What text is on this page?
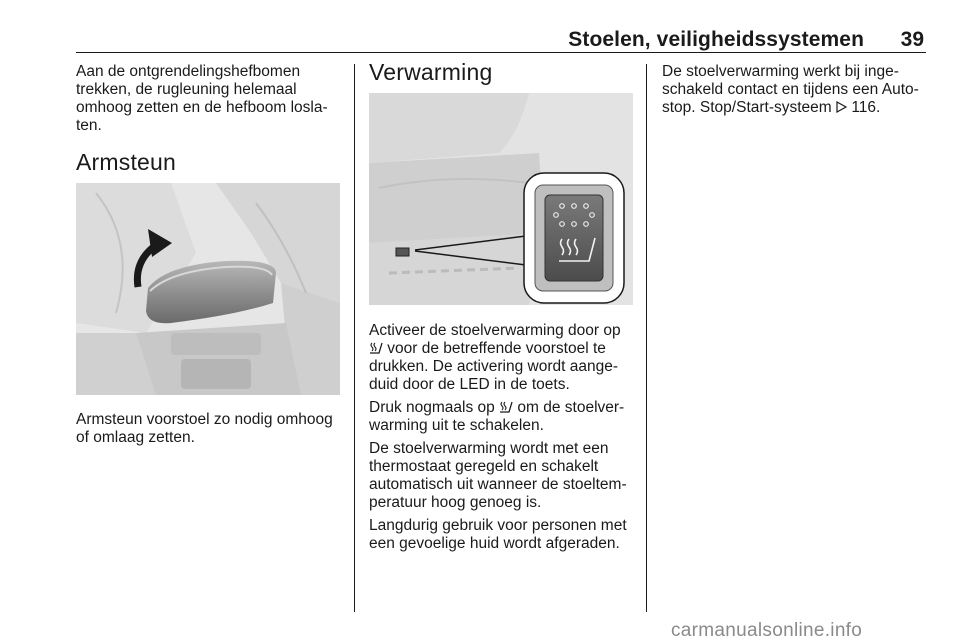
Stoelen, veiligheidssystemen 39

Aan de ontgrendelingshefbomen trekken, de rugleuning helemaal omhoog zetten en de hefboom losla-ten.

Armsteun

Armsteun voorstoel zo nodig omhoog of omlaag zetten.

Verwarming

Activeer de stoelverwarming door op  voor de betreffende voorstoel te drukken. De activering wordt aange-duid door de LED in de toets.

Druk nogmaals op  om de stoelver-warming uit te schakelen.

De stoelverwarming wordt met een thermostaat geregeld en schakelt automatisch uit wanneer de stoeltem-peratuur hoog genoeg is.

Langdurig gebruik voor personen met een gevoelige huid wordt afgeraden.

De stoelverwarming werkt bij inge-schakeld contact en tijdens een Auto-stop. Stop/Start-systeem  116.

carmanualsonline.info
